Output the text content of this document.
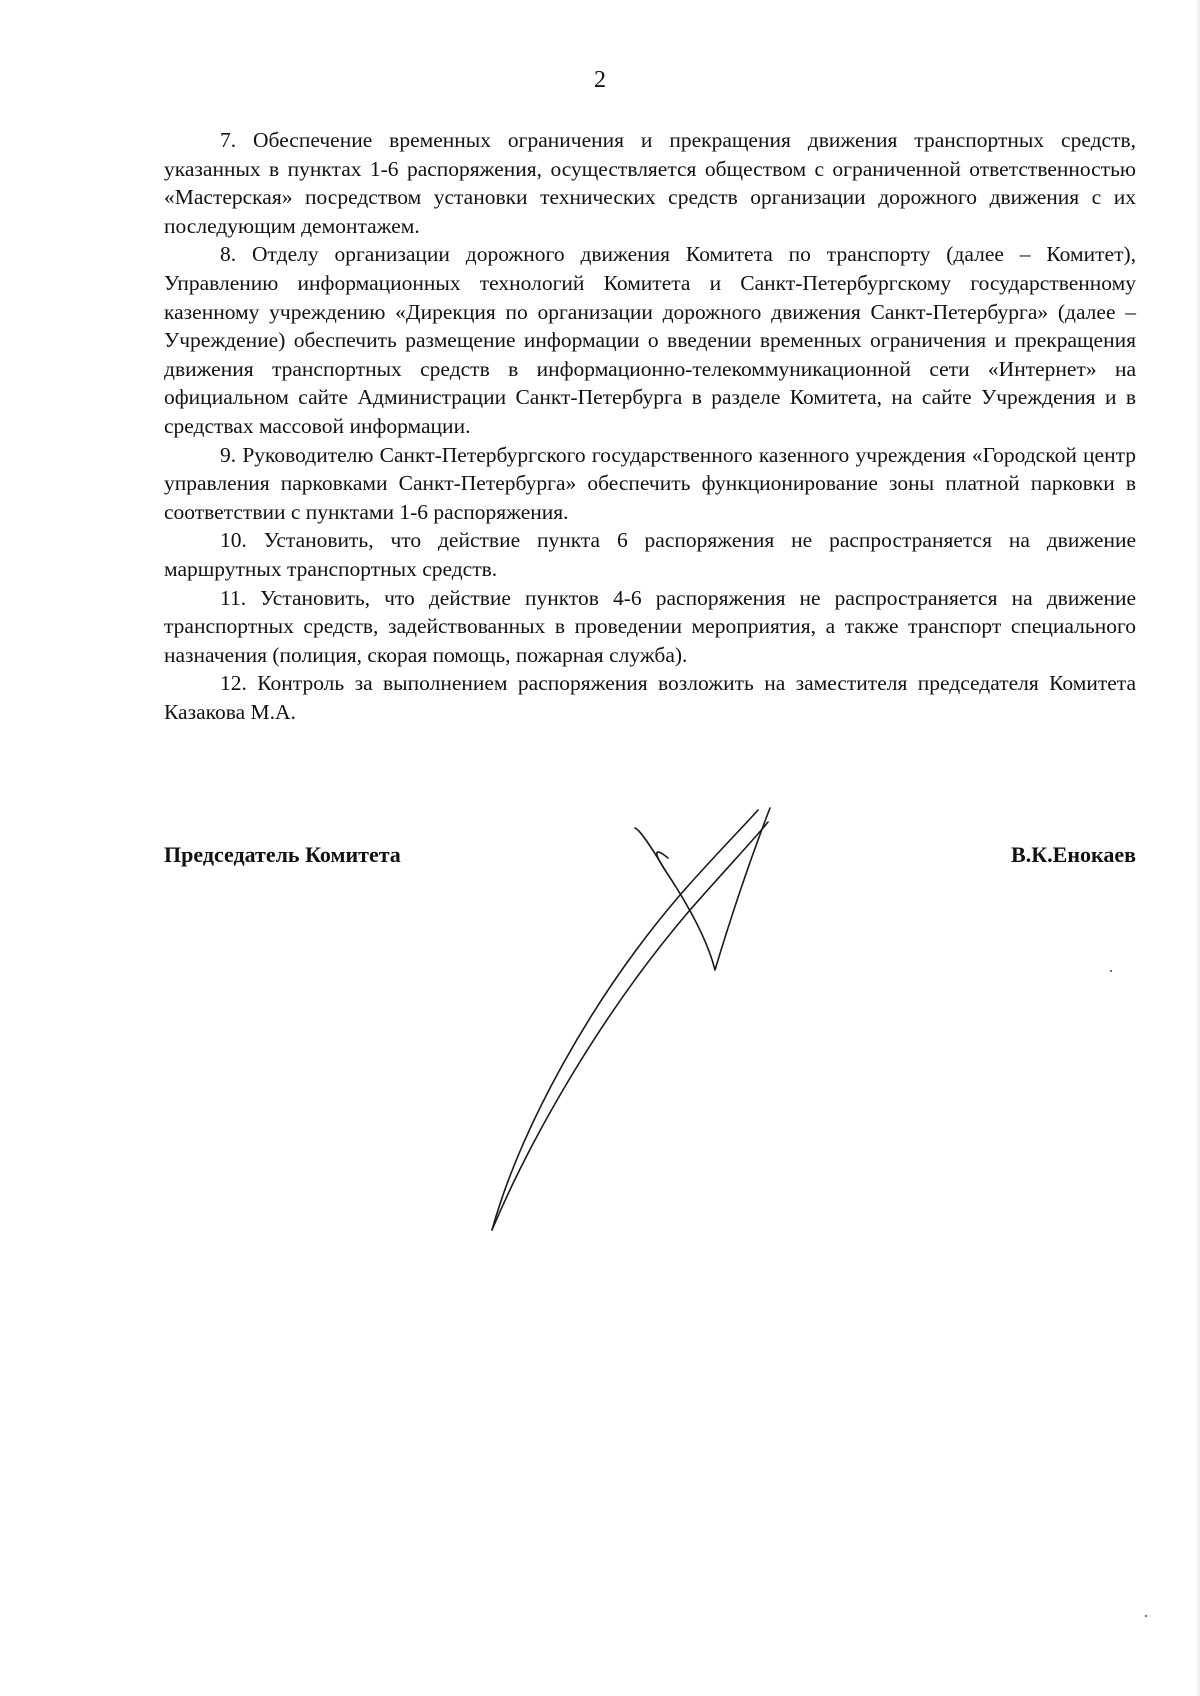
2

7. Обеспечение временных ограничения и прекращения движения транспортных средств, указанных в пунктах 1-6 распоряжения, осуществляется обществом с ограниченной ответственностью «Мастерская» посредством установки технических средств организации дорожного движения с их последующим демонтажем.

8. Отделу организации дорожного движения Комитета по транспорту (далее – Комитет), Управлению информационных технологий Комитета и Санкт-Петербургскому государственному казенному учреждению «Дирекция по организации дорожного движения Санкт-Петербурга» (далее – Учреждение) обеспечить размещение информации о введении временных ограничения и прекращения движения транспортных средств в информационно-телекоммуникационной сети «Интернет» на официальном сайте Администрации Санкт-Петербурга в разделе Комитета, на сайте Учреждения и в средствах массовой информации.

9. Руководителю Санкт-Петербургского государственного казенного учреждения «Городской центр управления парковками Санкт-Петербурга» обеспечить функционирование зоны платной парковки в соответствии с пунктами 1-6 распоряжения.

10. Установить, что действие пункта 6 распоряжения не распространяется на движение маршрутных транспортных средств.

11. Установить, что действие пунктов 4-6 распоряжения не распространяется на движение транспортных средств, задействованных в проведении мероприятия, а также транспорт специального назначения (полиция, скорая помощь, пожарная служба).

12. Контроль за выполнением распоряжения возложить на заместителя председателя Комитета Казакова М.А.

Председатель Комитета	В.К.Енокаев
